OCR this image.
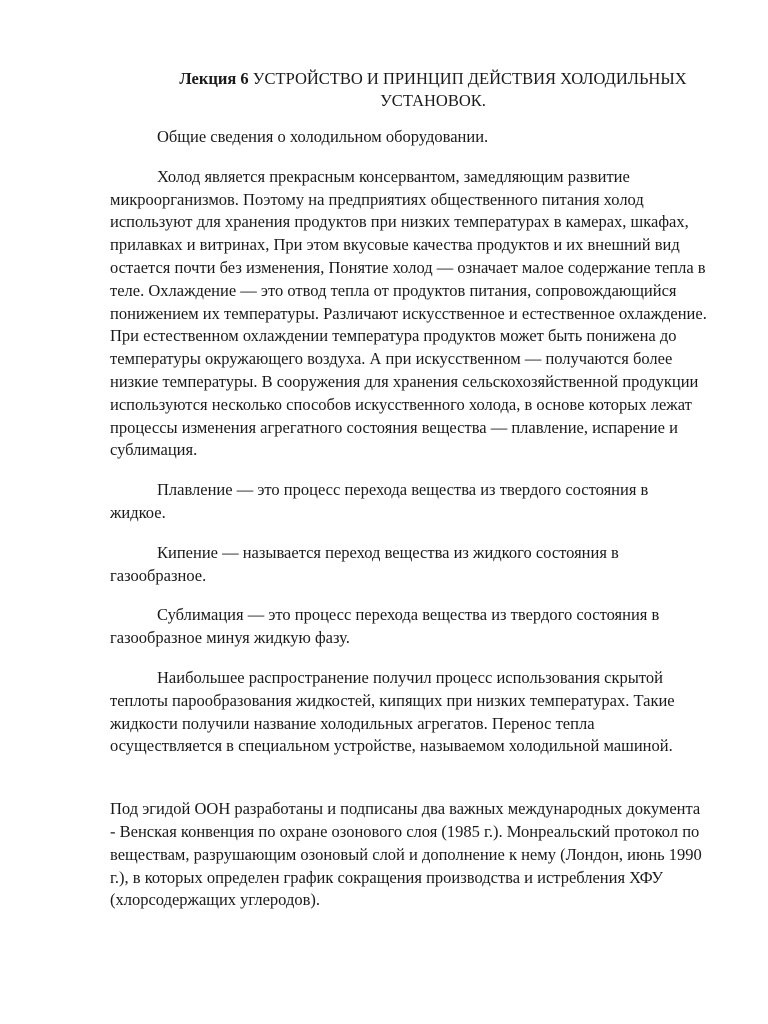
Лекция 6 УСТРОЙСТВО И ПРИНЦИП ДЕЙСТВИЯ ХОЛОДИЛЬНЫХ
УСТАНОВОК.

Общие сведения о холодильном оборудовании.

Холод является прекрасным консервантом, замедляющим развитие микроорганизмов. Поэтому на предприятиях общественного питания холод используют для хранения продуктов при низких температурах в камерах, шкафах, прилавках и витринах, При этом вкусовые качества продуктов и их внешний вид остается почти без изменения, Понятие холод — означает малое содержание тепла в теле. Охлаждение — это отвод тепла от продуктов питания, сопровождающийся понижением их температуры. Различают искусственное и естественное охлаждение. При естественном охлаждении температура продуктов может быть понижена до температуры окружающего воздуха. А при искусственном — получаются более низкие температуры. В сооружения для хранения сельскохозяйственной продукции используются несколько способов искусственного холода, в основе которых лежат процессы изменения агрегатного состояния вещества — плавление, испарение и сублимация.

Плавление — это процесс перехода вещества из твердого состояния в жидкое.

Кипение — называется переход вещества из жидкого состояния в газообразное.

Сублимация — это процесс перехода вещества из твердого состояния в газообразное минуя жидкую фазу.

Наибольшее распространение получил процесс использования скрытой теплоты парообразования жидкостей, кипящих при низких температурах. Такие жидкости получили название холодильных агрегатов. Перенос тепла осуществляется в специальном устройстве, называемом холодильной машиной.

Под эгидой ООН разработаны и подписаны два важных международных документа - Венская конвенция по охране озонового слоя (1985 г.). Монреальский протокол по веществам, разрушающим озоновый слой и дополнение к нему (Лондон, июнь 1990 г.), в которых определен график сокращения производства и истребления ХФУ (хлорсодержащих углеродов).
